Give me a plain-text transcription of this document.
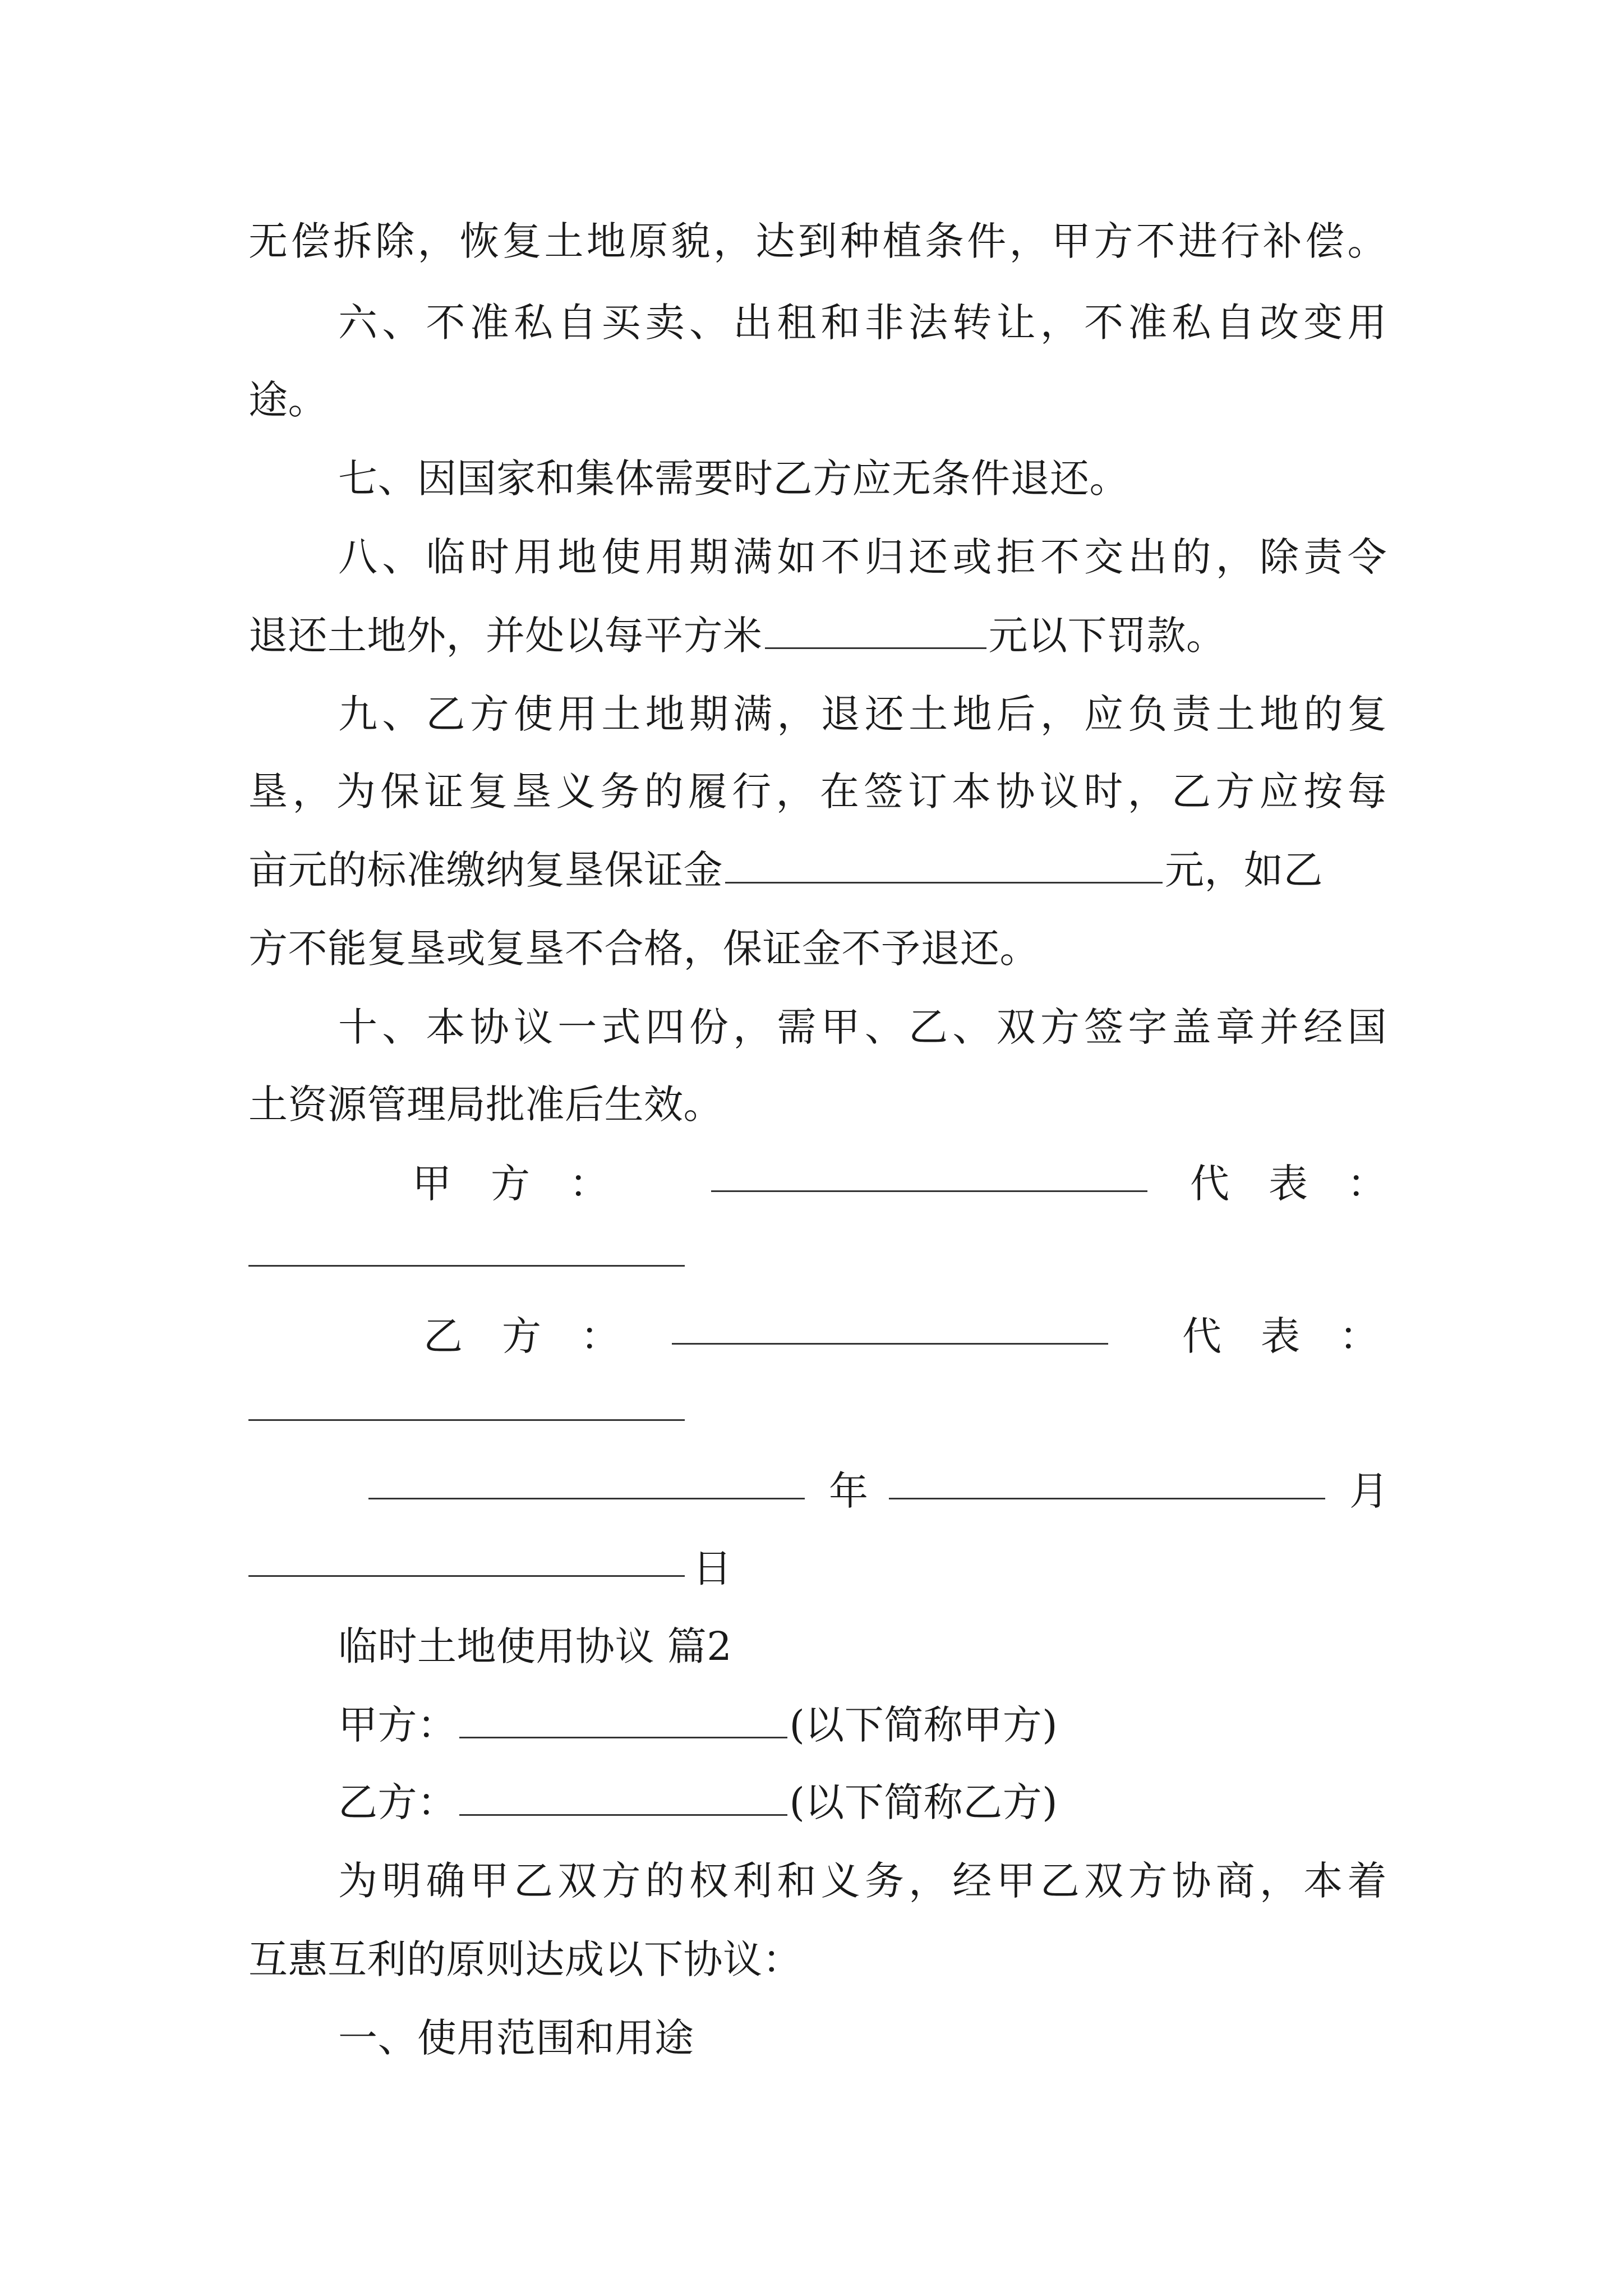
无偿拆除，恢复土地原貌，达到种植条件，甲方不进行补偿。
六、不准私自买卖、出租和非法转让，不准私自改变用
途。
七、因国家和集体需要时乙方应无条件退还。
八、临时用地使用期满如不归还或拒不交出的，除责令
退还土地外，并处以每平方米	元以下罚款。
九、乙方使用土地期满，退还土地后，应负责土地的复
垦，为保证复垦义务的履行，在签订本协议时，乙方应按每
亩元的标准缴纳复垦保证金	元，如乙
方不能复垦或复垦不合格，保证金不予退还。
十、本协议一式四份，需甲、乙、双方签字盖章并经国
土资源管理局批准后生效。
甲　方　：	代　表　：
乙　方　：	代　表　：
年	月
日
临时土地使用协议 篇2
甲方：	(以下简称甲方)
乙方：	(以下简称乙方)
为明确甲乙双方的权利和义务，经甲乙双方协商，本着
互惠互利的原则达成以下协议：
一、使用范围和用途
